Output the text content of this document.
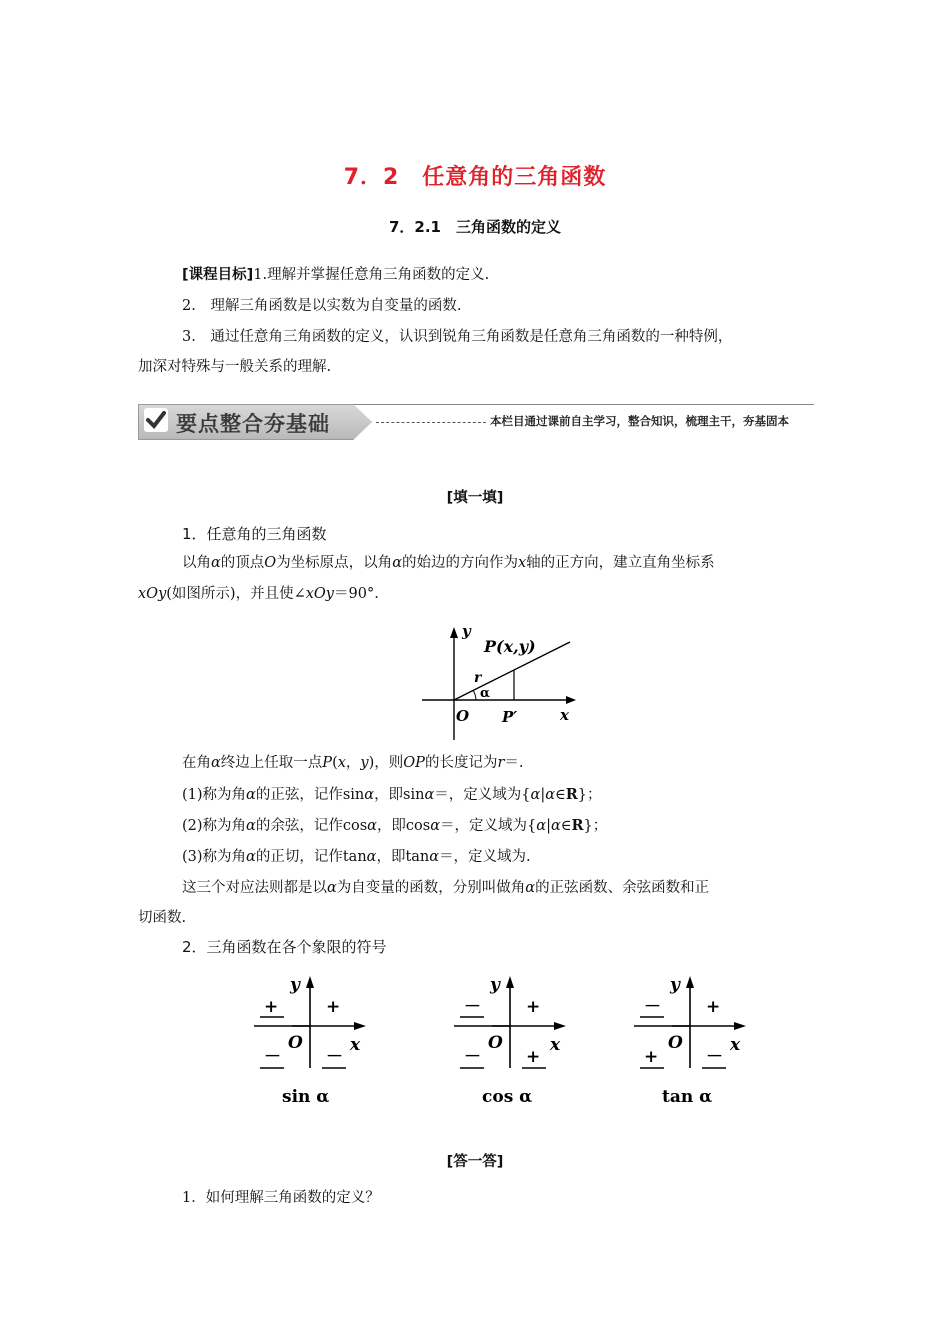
7．2　任意角的三角函数
7．2.1　三角函数的定义
[课程目标]1.理解并掌握任意角三角函数的定义.
2.　理解三角函数是以实数为自变量的函数.
3.　通过任意角三角函数的定义，认识到锐角三角函数是任意角三角函数的一种特例，
加深对特殊与一般关系的理解.
要点整合夯基础	本栏目通过课前自主学习，整合知识，梳理主干，夯基固本
[填一填]
1．任意角的三角函数
以角α的顶点O为坐标原点，以角α的始边的方向作为x轴的正方向，建立直角坐标系
xOy(如图所示)，并且使∠xOy＝90°.
y
P(x,y)
r
α
O P′	x
在角α终边上任取一点P(x，y)，则OP的长度记为r＝.
(1)称为角α的正弦，记作sinα，即sinα＝，定义域为{α|α∈R}；
(2)称为角α的余弦，记作cosα，即cosα＝，定义域为{α|α∈R}；
(3)称为角α的正切，记作tanα，即tanα＝，定义域为.
这三个对应法则都是以α为自变量的函数，分别叫做角α的正弦函数、余弦函数和正
切函数.
2．三角函数在各个象限的符号
y
x
O
+
+
－	－
sin α
y
x
O
+
－
－	+
cos α
y
x
O
+
－
+	－
tan α
[答一答]
1．如何理解三角函数的定义？
